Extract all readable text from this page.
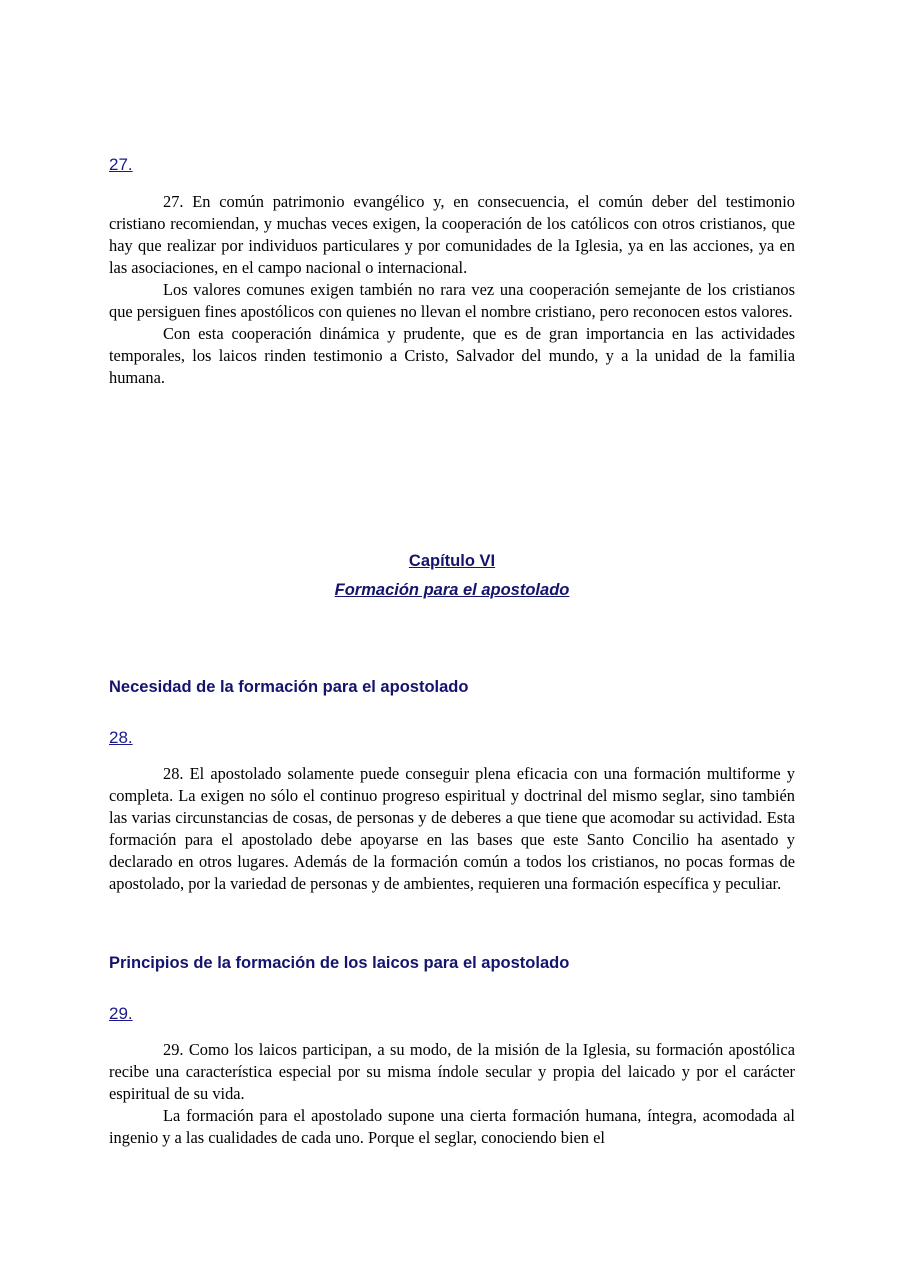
27.

27. En común patrimonio evangélico y, en consecuencia, el común deber del testimonio cristiano recomiendan, y muchas veces exigen, la cooperación de los católicos con otros cristianos, que hay que realizar por individuos particulares y por comunidades de la Iglesia, ya en las acciones, ya en las asociaciones, en el campo nacional o internacional.

Los valores comunes exigen también no rara vez una cooperación semejante de los cristianos que persiguen fines apostólicos con quienes no llevan el nombre cristiano, pero reconocen estos valores.

Con esta cooperación dinámica y prudente, que es de gran importancia en las actividades temporales, los laicos rinden testimonio a Cristo, Salvador del mundo, y a la unidad de la familia humana.

Capítulo VI
Formación para el apostolado
Necesidad de la formación para el apostolado
28.

28. El apostolado solamente puede conseguir plena eficacia con una formación multiforme y completa. La exigen no sólo el continuo progreso espiritual y doctrinal del mismo seglar, sino también las varias circunstancias de cosas, de personas y de deberes a que tiene que acomodar su actividad. Esta formación para el apostolado debe apoyarse en las bases que este Santo Concilio ha asentado y declarado en otros lugares. Además de la formación común a todos los cristianos, no pocas formas de apostolado, por la variedad de personas y de ambientes, requieren una formación específica y peculiar.

Principios de la formación de los laicos para el apostolado
29.

29. Como los laicos participan, a su modo, de la misión de la Iglesia, su formación apostólica recibe una característica especial por su misma índole secular y propia del laicado y por el carácter espiritual de su vida.

La formación para el apostolado supone una cierta formación humana, íntegra, acomodada al ingenio y a las cualidades de cada uno. Porque el seglar, conociendo bien el
